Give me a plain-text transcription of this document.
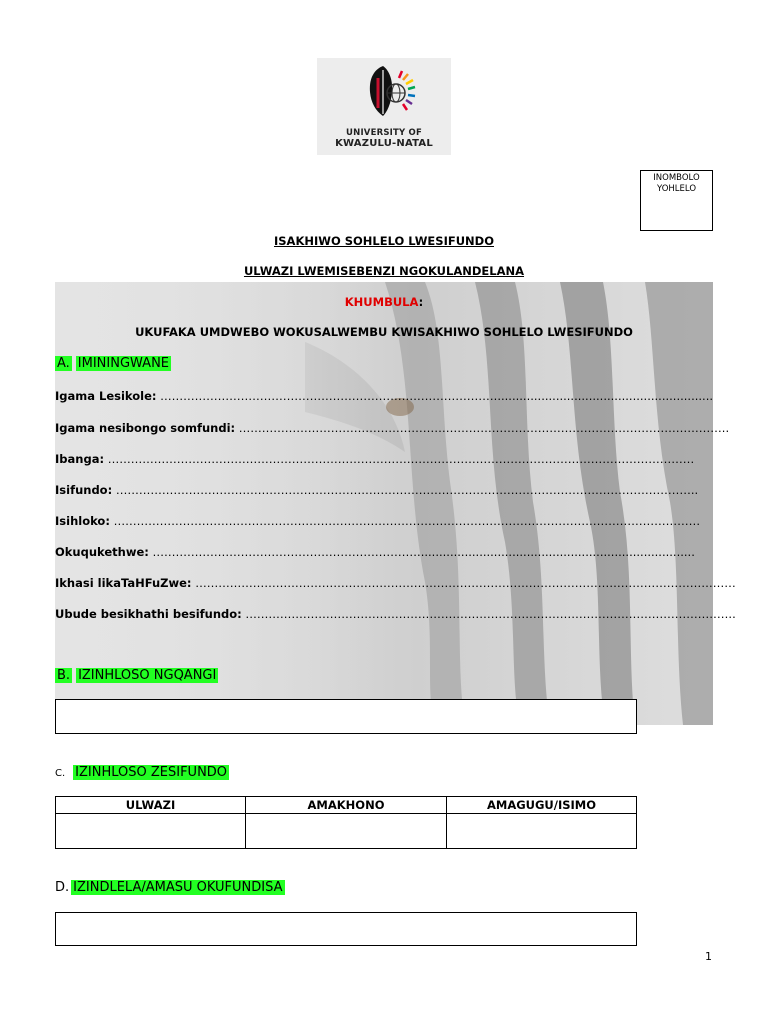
UNIVERSITY OF
KWAZULU-NATAL
INOMBOLO
YOHLELO
ISAKHIWO SOHLELO LWESIFUNDO
ULWAZI LWEMISEBENZI NGOKULANDELANA
KHUMBULA:
UKUFAKA UMDWEBO WOKUSALWEMBU KWISAKHIWO SOHLELO LWESIFUNDO
A. IMININGWANE
Igama Lesikole: ……………………………………………………………………………............................................................
Igama nesibongo somfundi: ………………………………………………………………………………………………………………..
Ibanga: ………………………………………………………………………………………………………………………………………
Isifundo: ……………………………………………………………………………………………………………………………………..
Isihloko: ………………………………………………………………………………………………………………………………………
Okuqukethwe: ……………………………………………………………............................................................................
Ikhasi likaTaHFuZwe: ……………………………………………………………………………………………………………………………
Ubude besikhathi besifundo: ………………………………………………………………………………………………………………..
B. IZINHLOSO NGQANGI
C. IZINHLOSO ZESIFUNDO
ULWAZI	AMAKHONO	AMAGUGU/ISIMO

D. IZINDLELA/AMASU OKUFUNDISA
1
